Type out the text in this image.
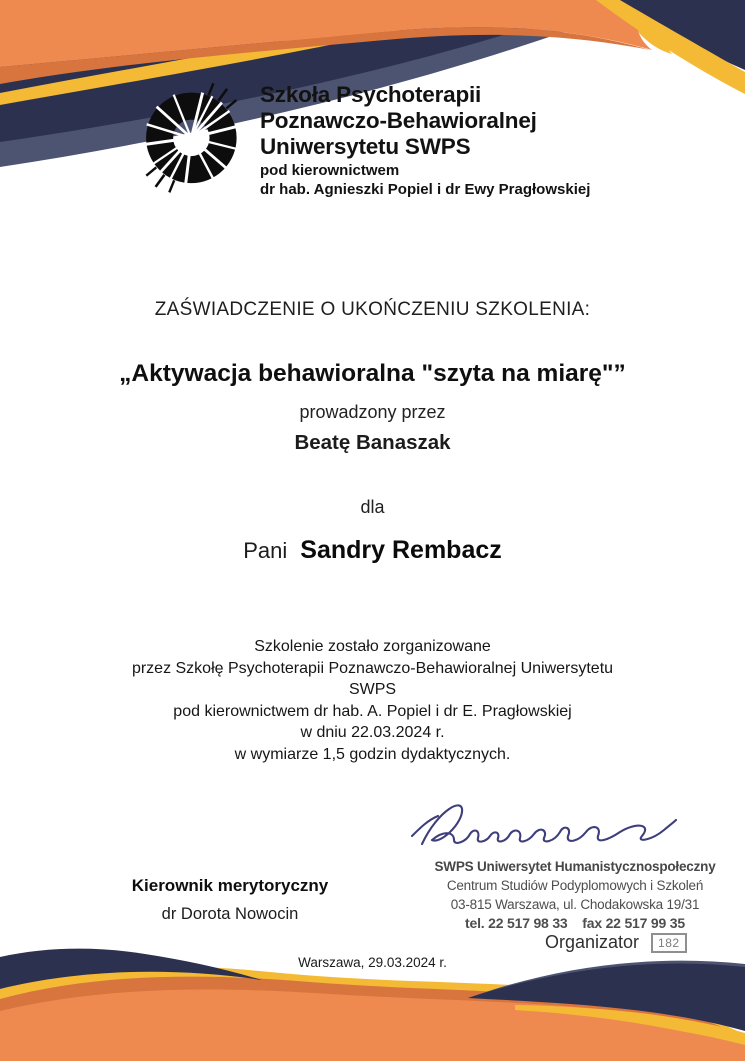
Szkoła Psychoterapii
Poznawczo-Behawioralnej
Uniwersytetu SWPS
pod kierownictwem
dr hab. Agnieszki Popiel i dr Ewy Pragłowskiej
ZAŚWIADCZENIE O UKOŃCZENIU SZKOLENIA:
„Aktywacja behawioralna "szyta na miarę"”
prowadzony przez
Beatę Banaszak
dla
Pani Sandry Rembacz
Szkolenie zostało zorganizowane
przez Szkołę Psychoterapii Poznawczo-Behawioralnej Uniwersytetu
SWPS
pod kierownictwem dr hab. A. Popiel i dr E. Pragłowskiej
w dniu 22.03.2024 r.
w wymiarze 1,5 godzin dydaktycznych.
SWPS Uniwersytet Humanistycznospołeczny
Centrum Studiów Podyplomowych i Szkoleń
03-815 Warszawa, ul. Chodakowska 19/31
tel. 22 517 98 33    fax 22 517 99 35
Kierownik merytoryczny
dr Dorota Nowocin
Organizator	182
Warszawa, 29.03.2024 r.
